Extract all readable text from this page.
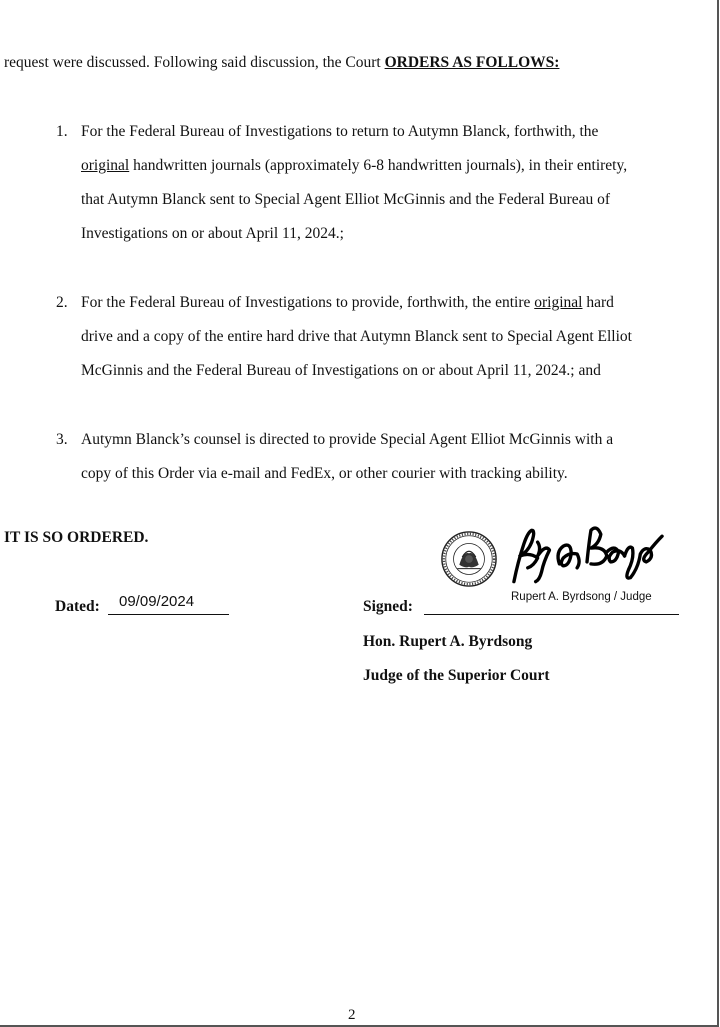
request were discussed. Following said discussion, the Court ORDERS AS FOLLOWS:
1. For the Federal Bureau of Investigations to return to Autymn Blanck, forthwith, the
original handwritten journals (approximately 6-8 handwritten journals), in their entirety,
that Autymn Blanck sent to Special Agent Elliot McGinnis and the Federal Bureau of
Investigations on or about April 11, 2024.;
2. For the Federal Bureau of Investigations to provide, forthwith, the entire original hard
drive and a copy of the entire hard drive that Autymn Blanck sent to Special Agent Elliot
McGinnis and the Federal Bureau of Investigations on or about April 11, 2024.; and
3. Autymn Blanck’s counsel is directed to provide Special Agent Elliot McGinnis with a
copy of this Order via e-mail and FedEx, or other courier with tracking ability.
IT IS SO ORDERED.
Rupert A. Byrdsong / Judge
Dated: 09/09/2024	Signed:
Hon. Rupert A. Byrdsong
Judge of the Superior Court
2
